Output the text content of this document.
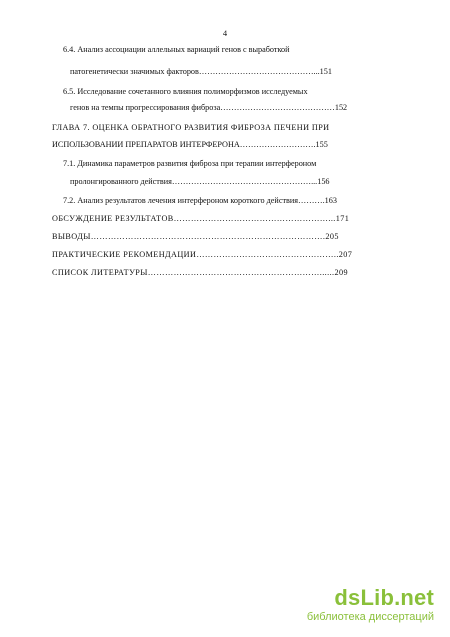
4
6.4. Анализ ассоциации аллельных вариаций генов с выработкой
патогенетически значимых факторов……………………………………...151
6.5. Исследование сочетанного влияния полиморфизмов исследуемых
генов на темпы прогрессирования фиброза……………………………………152
ГЛАВА 7. ОЦЕНКА ОБРАТНОГО РАЗВИТИЯ ФИБРОЗА ПЕЧЕНИ ПРИ
ИСПОЛЬЗОВАНИИ ПРЕПАРАТОВ ИНТЕРФЕРОНА……………………….155
7.1. Динамика параметров развития фиброза при терапии интерфероном
пролонгированного действия……………………………………………...156
7.2. Анализ результатов лечения интерфероном короткого действия……….163
ОБСУЖДЕНИЕ РЕЗУЛЬТАТОВ………………………………………………...171
ВЫВОДЫ……………………………………………………………………….205
ПРАКТИЧЕСКИЕ РЕКОМЕНДАЦИИ…………………………………………..207
СПИСОК ЛИТЕРАТУРЫ……………………………………………………......209
dsLib.net
библиотека диссертаций
